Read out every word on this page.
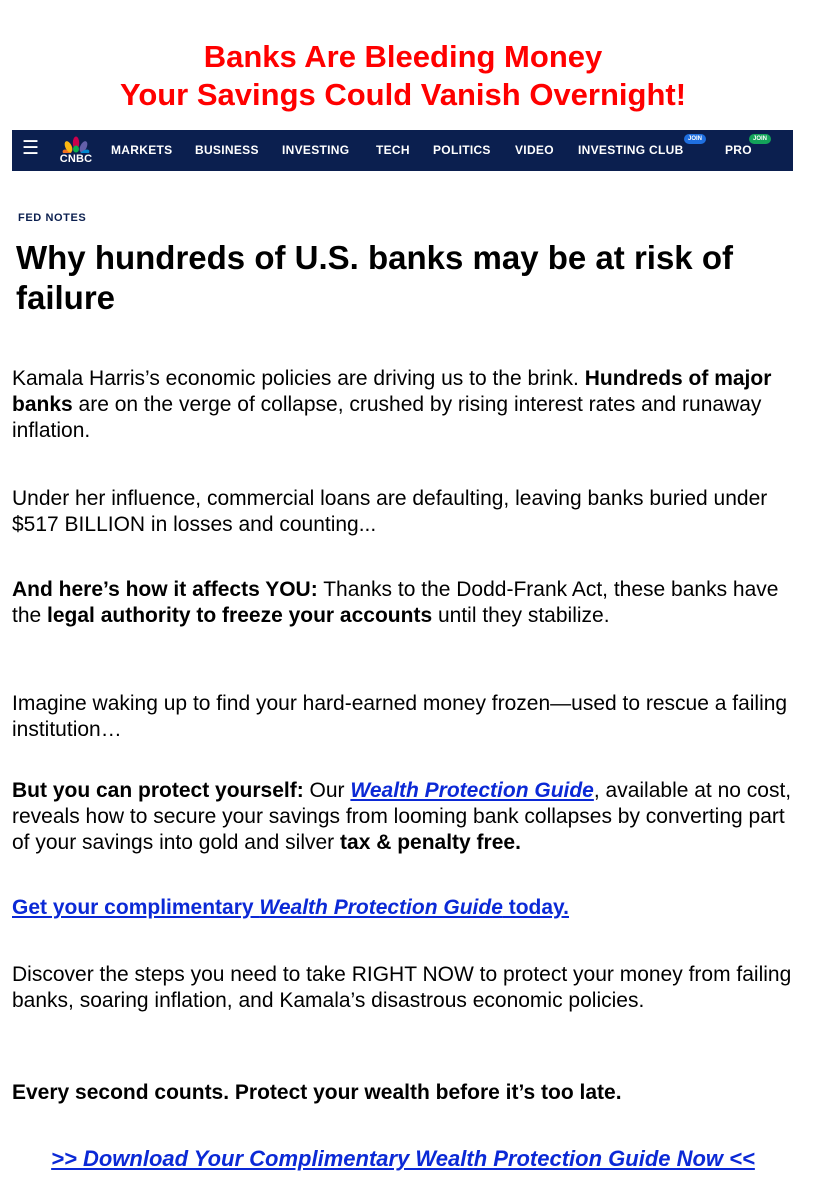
Banks Are Bleeding Money
Your Savings Could Vanish Overnight!
☰	CNBC
MARKETS BUSINESS INVESTING TECH POLITICS VIDEO INVESTING CLUB
JOIN
PRO
JOIN
FED NOTES
Why hundreds of U.S. banks may be at risk of failure
Kamala Harris’s economic policies are driving us to the brink. Hundreds of major banks are on the verge of collapse, crushed by rising interest rates and runaway inflation.
Under her influence, commercial loans are defaulting, leaving banks buried under $517 BILLION in losses and counting...
And here’s how it affects YOU: Thanks to the Dodd-Frank Act, these banks have the legal authority to freeze your accounts until they stabilize.
Imagine waking up to find your hard-earned money frozen—used to rescue a failing institution…
But you can protect yourself: Our Wealth Protection Guide, available at no cost, reveals how to secure your savings from looming bank collapses by converting part of your savings into gold and silver tax & penalty free.
Get your complimentary Wealth Protection Guide today.
Discover the steps you need to take RIGHT NOW to protect your money from failing banks, soaring inflation, and Kamala’s disastrous economic policies.
Every second counts. Protect your wealth before it’s too late.
>> Download Your Complimentary Wealth Protection Guide Now <<
